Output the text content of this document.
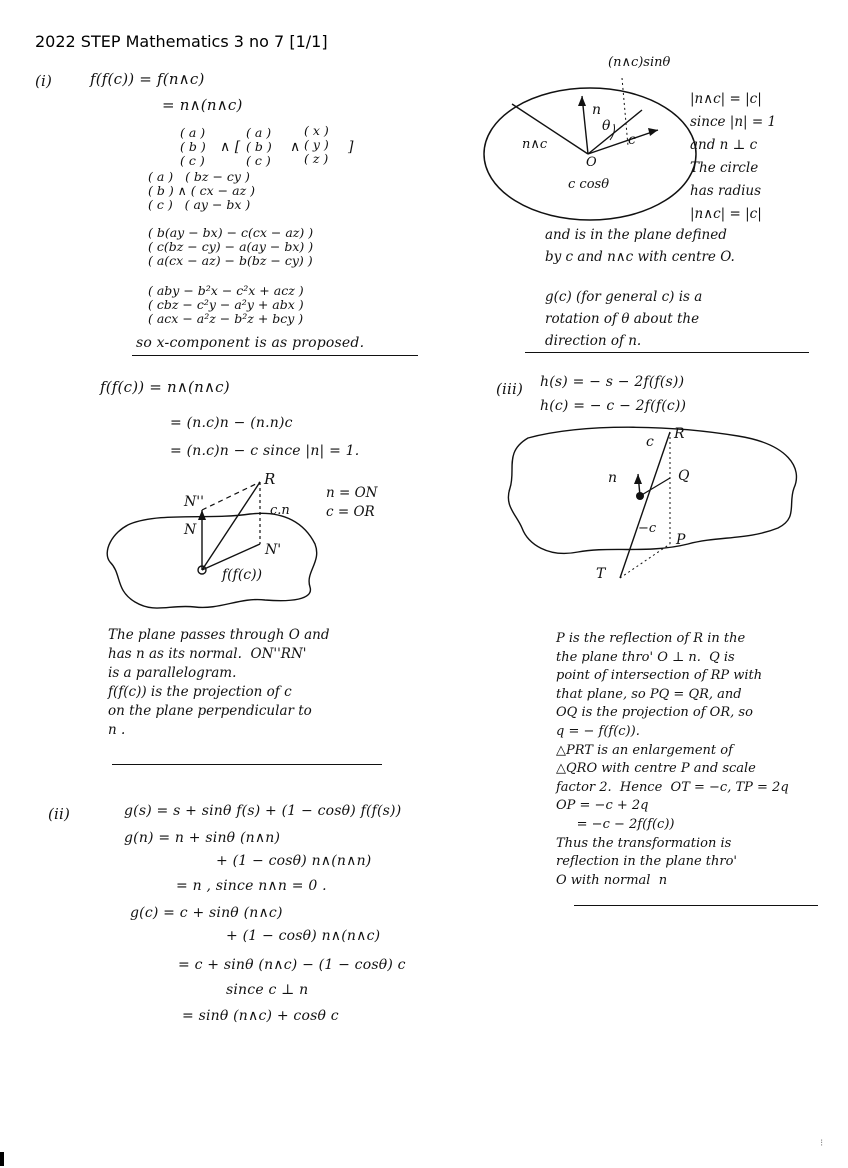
2022 STEP Mathematics 3 no 7 [1/1]
(i)	f(f(c)) = f(n∧c)
= n∧(n∧c)
( a )
( b )
( c )
∧ [
( a )
( b )
( c )
∧
( x )
( y )
( z )
]
( a )   ( bz − cy )
( b ) ∧ ( cx − az )
( c )   ( ay − bx )
( b(ay − bx) − c(cx − az) )
( c(bz − cy) − a(ay − bx) )
( a(cx − az) − b(bz − cy) )
( aby − b²x − c²x + acz )
( cbz − c²y − a²y + abx )
( acx − a²z − b²z + bcy )
so x-component is as proposed.
f(f(c)) = n∧(n∧c)
= (n.c)n − (n.n)c
= (n.c)n − c since |n| = 1.
n = ON
c = OR
R
N''
N
N'
c.n
f(f(c))
The plane passes through O and
has n as its normal.  ON''RN'
is a parallelogram.
f(f(c)) is the projection of c
on the plane perpendicular to
n .
(ii)	g(s) = s + sinθ f(s) + (1 − cosθ) f(f(s))
g(n) = n + sinθ (n∧n)
+ (1 − cosθ) n∧(n∧n)
= n , since n∧n = 0 .
g(c) = c + sinθ (n∧c)
+ (1 − cosθ) n∧(n∧c)
= c + sinθ (n∧c) − (1 − cosθ) c
since c ⊥ n
= sinθ (n∧c) + cosθ c
(n∧c)sinθ
n
θ
c
O
n∧c
c cosθ
|n∧c| = |c|
since |n| = 1
and n ⊥ c
The circle
has radius
|n∧c| = |c|
and is in the plane defined
by c and n∧c with centre O.
g(c) (for general c) is a
rotation of θ about the
direction of n.
(iii) h(s) = − s − 2f(f(s))
h(c) = − c − 2f(f(c))
R
c
n	Q
−c
P
T
P is the reflection of R in the
the plane thro' O ⊥ n.  Q is
point of intersection of RP with
that plane, so PQ = QR, and
OQ is the projection of OR, so
q = − f(f(c)).
△PRT is an enlargement of
△QRO with centre P and scale
factor 2.  Hence  OT = −c, TP = 2q
OP = −c + 2q
= −c − 2f(f(c))
Thus the transformation is
reflection in the plane thro'
O with normal  n
⁝
